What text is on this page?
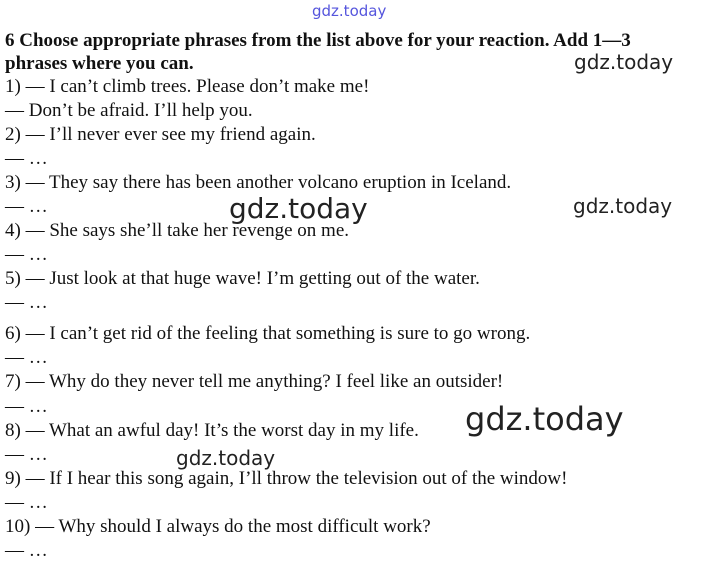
6 Choose appropriate phrases from the list above for your reaction. Add 1—3
phrases where you can.
1) — I can’t climb trees. Please don’t make me!
— Don’t be afraid. I’ll help you.
2) — I’ll never ever see my friend again.
— …
3) — They say there has been another volcano eruption in Iceland.
— …
4) — She says she’ll take her revenge on me.
— …
5) — Just look at that huge wave! I’m getting out of the water.
— …
6) — I can’t get rid of the feeling that something is sure to go wrong.
— …
7) — Why do they never tell me anything? I feel like an outsider!
— …
8) — What an awful day! It’s the worst day in my life.
— …
9) — If I hear this song again, I’ll throw the television out of the window!
— …
10) — Why should I always do the most difficult work?
— …
gdz.today
gdz.today
gdz.today	gdz.today
gdz.today
gdz.today
